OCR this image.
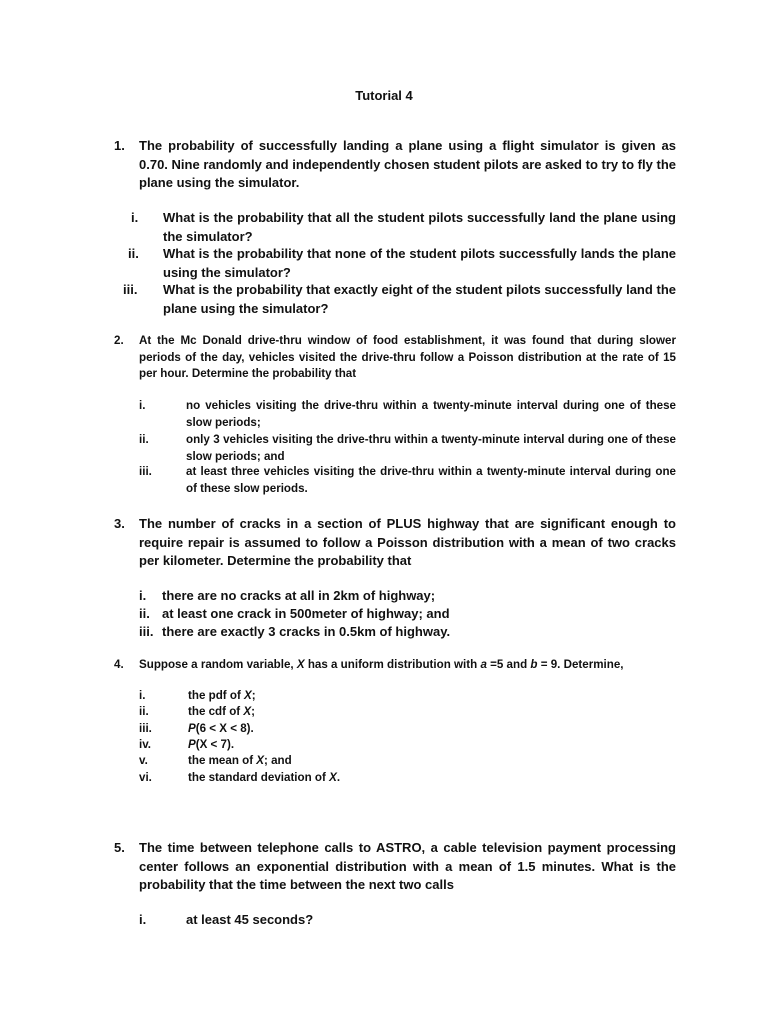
Tutorial 4
1. The probability of successfully landing a plane using a flight simulator is given as 0.70. Nine randomly and independently chosen student pilots are asked to try to fly the plane using the simulator.
i. What is the probability that all the student pilots successfully land the plane using the simulator?
ii. What is the probability that none of the student pilots successfully lands the plane using the simulator?
iii. What is the probability that exactly eight of the student pilots successfully land the plane using the simulator?
2. At the Mc Donald drive-thru window of food establishment, it was found that during slower periods of the day, vehicles visited the drive-thru follow a Poisson distribution at the rate of 15 per hour. Determine the probability that
i.	no vehicles visiting the drive-thru within a twenty-minute interval during one of these slow periods;
ii.	only 3 vehicles visiting the drive-thru within a twenty-minute interval during one of these slow periods; and
iii.	at least three vehicles visiting the drive-thru within a twenty-minute interval during one of these slow periods.
3. The number of cracks in a section of PLUS highway that are significant enough to require repair is assumed to follow a Poisson distribution with a mean of two cracks per kilometer. Determine the probability that
i. there are no cracks at all in 2km of highway;
ii. at least one crack in 500meter of highway; and
iii. there are exactly 3 cracks in 0.5km of highway.
4. Suppose a random variable, X has a uniform distribution with a =5 and b = 9. Determine,
i.	the pdf of X;
ii.	the cdf of X;
iii.	P(6 < X < 8).
iv.	P(X < 7).
v.	the mean of X; and
vi.	the standard deviation of X.
5. The time between telephone calls to ASTRO, a cable television payment processing center follows an exponential distribution with a mean of 1.5 minutes. What is the probability that the time between the next two calls
i.	at least 45 seconds?
